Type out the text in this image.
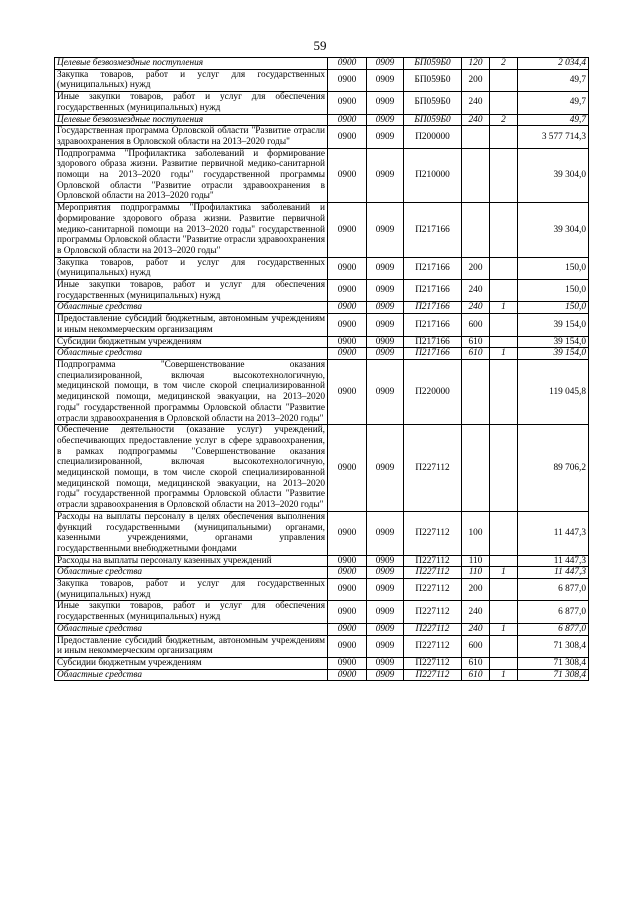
59
Целевые безвозмездные поступления	0900	0909	БП059Б0	120	2	2 034,4
Закупка товаров, работ и услуг для государственных (муниципальных) нужд	0900	0909	БП059Б0	200		49,7
Иные закупки товаров, работ и услуг для обеспечения государственных (муниципальных) нужд	0900	0909	БП059Б0	240		49,7
Целевые безвозмездные поступления	0900	0909	БП059Б0	240	2	49,7
Государственная программа Орловской области "Развитие отрасли здравоохранения в Орловской области на 2013–2020 годы"	0900	0909	П200000			3 577 714,3
Подпрограмма "Профилактика заболеваний и формирование здорового образа жизни. Развитие первичной медико-санитарной помощи на 2013–2020 годы" государственной программы Орловской области "Развитие отрасли здравоохранения в Орловской области на 2013–2020 годы"	0900	0909	П210000			39 304,0
Мероприятия подпрограммы "Профилактика заболеваний и формирование здорового образа жизни. Развитие первичной медико-санитарной помощи на 2013–2020 годы" государственной программы Орловской области "Развитие отрасли здравоохранения в Орловской области на 2013–2020 годы"	0900	0909	П217166			39 304,0
Закупка товаров, работ и услуг для государственных (муниципальных) нужд	0900	0909	П217166	200		150,0
Иные закупки товаров, работ и услуг для обеспечения государственных (муниципальных) нужд	0900	0909	П217166	240		150,0
Областные средства	0900	0909	П217166	240	1	150,0
Предоставление субсидий бюджетным, автономным учреждениям и иным некоммерческим организациям	0900	0909	П217166	600		39 154,0
Субсидии бюджетным учреждениям	0900	0909	П217166	610		39 154,0
Областные средства	0900	0909	П217166	610	1	39 154,0
Подпрограмма "Совершенствование оказания специализированной, включая высокотехнологичную, медицинской помощи, в том числе скорой специализированной медицинской помощи, медицинской эвакуации, на 2013–2020 годы" государственной программы Орловской области "Развитие отрасли здравоохранения в Орловской области на 2013–2020 годы"	0900	0909	П220000			119 045,8
Обеспечение деятельности (оказание услуг) учреждений, обеспечивающих предоставление услуг в сфере здравоохранения, в рамках подпрограммы "Совершенствование оказания специализированной, включая высокотехнологичную, медицинской помощи, в том числе скорой специализированной медицинской помощи, медицинской эвакуации, на 2013–2020 годы" государственной программы Орловской области "Развитие отрасли здравоохранения в Орловской области на 2013–2020 годы"	0900	0909	П227112			89 706,2
Расходы на выплаты персоналу в целях обеспечения выполнения функций государственными (муниципальными) органами, казенными учреждениями, органами управления государственными внебюджетными фондами	0900	0909	П227112	100		11 447,3
Расходы на выплаты персоналу казенных учреждений	0900	0909	П227112	110		11 447,3
Областные средства	0900	0909	П227112	110	1	11 447,3
Закупка товаров, работ и услуг для государственных (муниципальных) нужд	0900	0909	П227112	200		6 877,0
Иные закупки товаров, работ и услуг для обеспечения государственных (муниципальных) нужд	0900	0909	П227112	240		6 877,0
Областные средства	0900	0909	П227112	240	1	6 877,0
Предоставление субсидий бюджетным, автономным учреждениям и иным некоммерческим организациям	0900	0909	П227112	600		71 308,4
Субсидии бюджетным учреждениям	0900	0909	П227112	610		71 308,4
Областные средства	0900	0909	П227112	610	1	71 308,4
